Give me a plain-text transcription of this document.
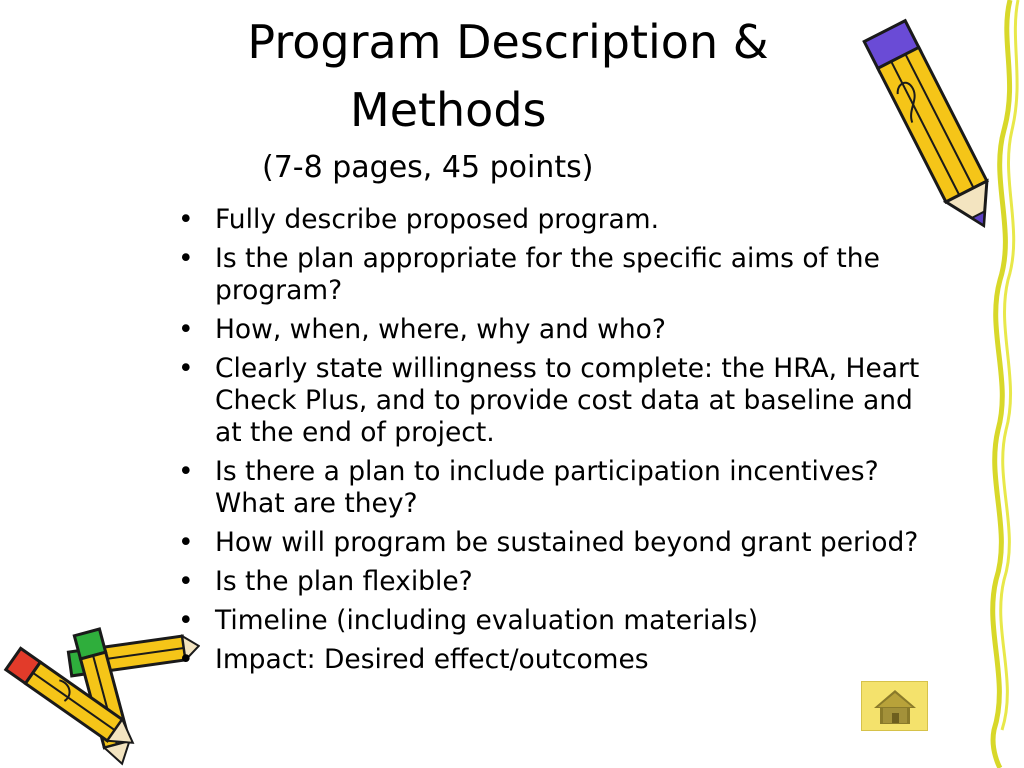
Program Description &
Methods
(7-8 pages, 45 points)
• Fully describe proposed program.
• Is the plan appropriate for the specific aims of the program?
• How, when, where, why and who?
• Clearly state willingness to complete: the HRA, Heart Check Plus, and to provide cost data at baseline and at the end of project.
• Is there a plan to include participation incentives? What are they?
• How will program be sustained beyond grant period?
• Is the plan flexible?
• Timeline (including evaluation materials)
• Impact: Desired effect/outcomes
